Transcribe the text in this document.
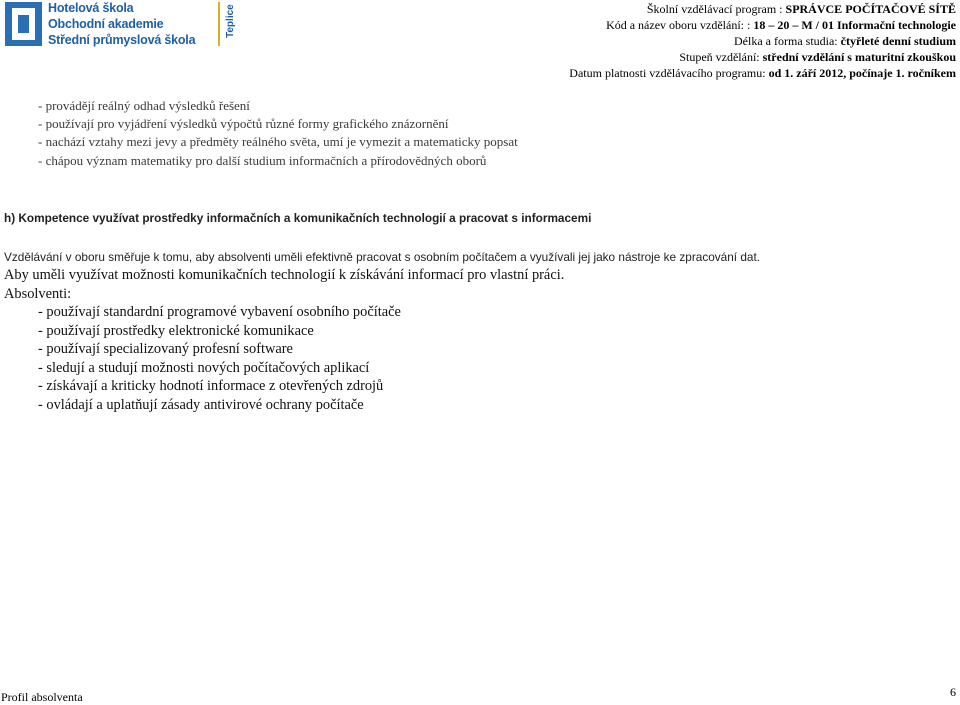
Hotelová škola
Obchodní akademie
Střední průmyslová škola
Teplice	Školní vzdělávací program : SPRÁVCE POČÍTAČOVÉ SÍTĚ
Kód a název oboru vzdělání: : 18 – 20 – M / 01 Informační technologie
Délka a forma studia: čtyřleté denní studium
Stupeň vzdělání: střední vzdělání s maturitní zkouškou
Datum platnosti vzdělávacího programu: od 1. září 2012, počínaje 1. ročníkem
- provádějí reálný odhad výsledků řešení
- používají pro vyjádření výsledků výpočtů různé formy grafického znázornění
- nachází vztahy mezi jevy a předměty reálného světa, umí je vymezit a matematicky popsat
- chápou význam matematiky pro další studium informačních a přírodovědných oborů
h) Kompetence využívat prostředky informačních a komunikačních technologií a pracovat s informacemi
Vzdělávání v oboru směřuje k tomu, aby absolventi uměli efektivně pracovat s osobním počítačem a využívali jej jako nástroje ke zpracování dat.
Aby uměli využívat možnosti komunikačních technologií k získávání informací pro vlastní práci.
Absolventi:
- používají standardní programové vybavení osobního počítače
- používají prostředky elektronické komunikace
- používají specializovaný profesní software
- sledují a studují možnosti nových počítačových aplikací
- získávají a kriticky hodnotí informace z otevřených zdrojů
- ovládají a uplatňují zásady antivirové ochrany počítače
Profil absolventa	6
